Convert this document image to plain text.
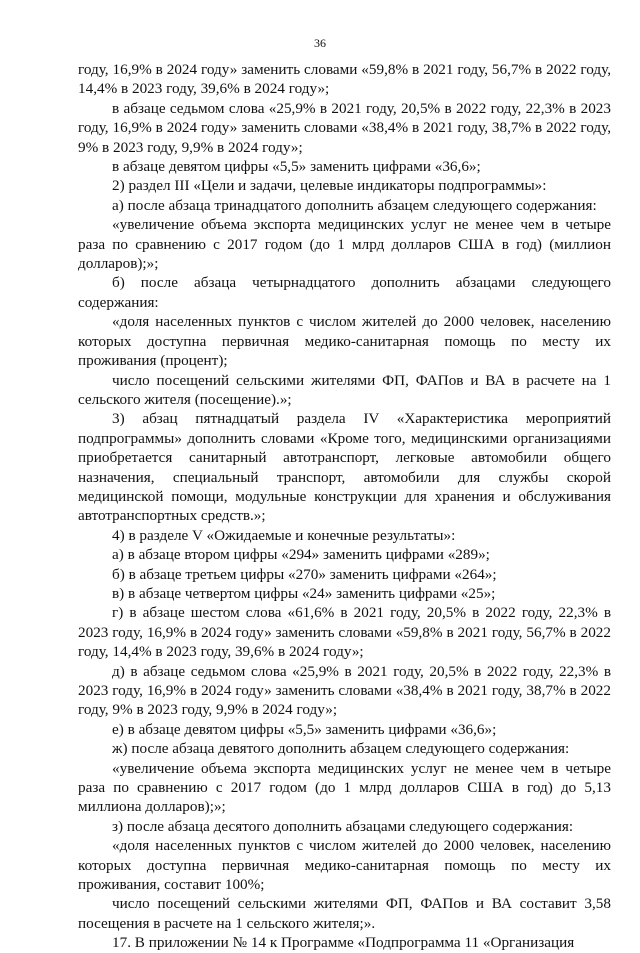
36

году, 16,9% в 2024 году» заменить словами «59,8% в 2021 году, 56,7% в 2022 году, 14,4% в 2023 году, 39,6% в 2024 году»;

в абзаце седьмом слова «25,9% в 2021 году, 20,5% в 2022 году, 22,3% в 2023 году, 16,9% в 2024 году» заменить словами «38,4% в 2021 году, 38,7% в 2022 году, 9% в 2023 году, 9,9% в 2024 году»;

в абзаце девятом цифры «5,5» заменить цифрами «36,6»;

2) раздел III «Цели и задачи, целевые индикаторы подпрограммы»:

а) после абзаца тринадцатого дополнить абзацем следующего содержания:

«увеличение объема экспорта медицинских услуг не менее чем в четыре раза по сравнению с 2017 годом (до 1 млрд долларов США в год) (миллион долларов);»;

б) после абзаца четырнадцатого дополнить абзацами следующего содержания:

«доля населенных пунктов с числом жителей до 2000 человек, населению которых доступна первичная медико-санитарная помощь по месту их проживания (процент);

число посещений сельскими жителями ФП, ФАПов и ВА в расчете на 1 сельского жителя (посещение).»;

3) абзац пятнадцатый раздела IV «Характеристика мероприятий подпрограммы» дополнить словами «Кроме того, медицинскими организациями приобретается санитарный автотранспорт, легковые автомобили общего назначения, специальный транспорт, автомобили для службы скорой медицинской помощи, модульные конструкции для хранения и обслуживания автотранспортных средств.»;

4) в разделе V «Ожидаемые и конечные результаты»:

а) в абзаце втором цифры «294» заменить цифрами «289»;

б) в абзаце третьем цифры «270» заменить цифрами «264»;

в) в абзаце четвертом цифры «24» заменить цифрами «25»;

г) в абзаце шестом слова «61,6% в 2021 году, 20,5% в 2022 году, 22,3% в 2023 году, 16,9% в 2024 году» заменить словами «59,8% в 2021 году, 56,7% в 2022 году, 14,4% в 2023 году, 39,6% в 2024 году»;

д) в абзаце седьмом слова «25,9% в 2021 году, 20,5% в 2022 году, 22,3% в 2023 году, 16,9% в 2024 году» заменить словами «38,4% в 2021 году, 38,7% в 2022 году, 9% в 2023 году, 9,9% в 2024 году»;

е) в абзаце девятом цифры «5,5» заменить цифрами «36,6»;

ж) после абзаца девятого дополнить абзацем следующего содержания:

«увеличение объема экспорта медицинских услуг не менее чем в четыре раза по сравнению с 2017 годом (до 1 млрд долларов США в год) до 5,13 миллиона долларов);»;

з) после абзаца десятого дополнить абзацами следующего содержания:

«доля населенных пунктов с числом жителей до 2000 человек, населению которых доступна первичная медико-санитарная помощь по месту их проживания, составит 100%;

число посещений сельскими жителями ФП, ФАПов и ВА составит 3,58 посещения в расчете на 1 сельского жителя;».

17. В приложении № 14 к Программе «Подпрограмма 11 «Организация
